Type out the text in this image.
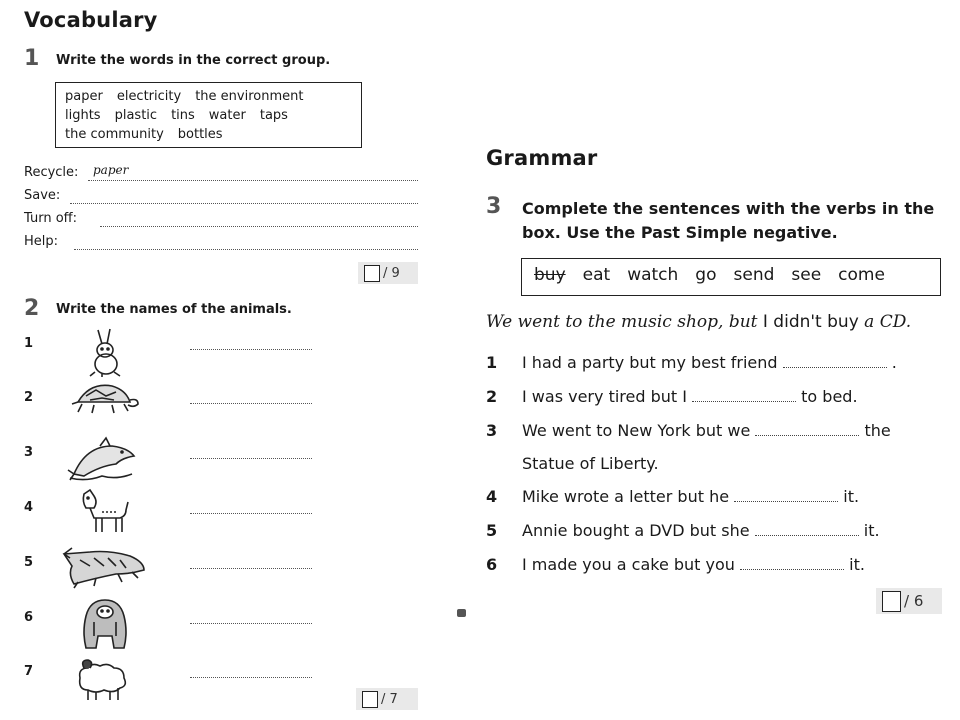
Vocabulary
1 Write the words in the correct group.
paper electricity the environment
lights plastic tins water taps
the community bottles
Recycle: paper
Save:
Turn off:
Help:
/ 9
2 Write the names of the animals.
1
2
3
4
5
6
7
/ 7
Grammar
3 Complete the sentences with the verbs in the
box. Use the Past Simple negative.
buy eat watch go send see come
We went to the music shop, but I didn't buy a CD.
1 I had a party but my best friend	.
2 I was very tired but I	to bed.
3 We went to New York but we	the
Statue of Liberty.
4 Mike wrote a letter but he	it.
5 Annie bought a DVD but she	it.
6 I made you a cake but you	it.
/ 6
